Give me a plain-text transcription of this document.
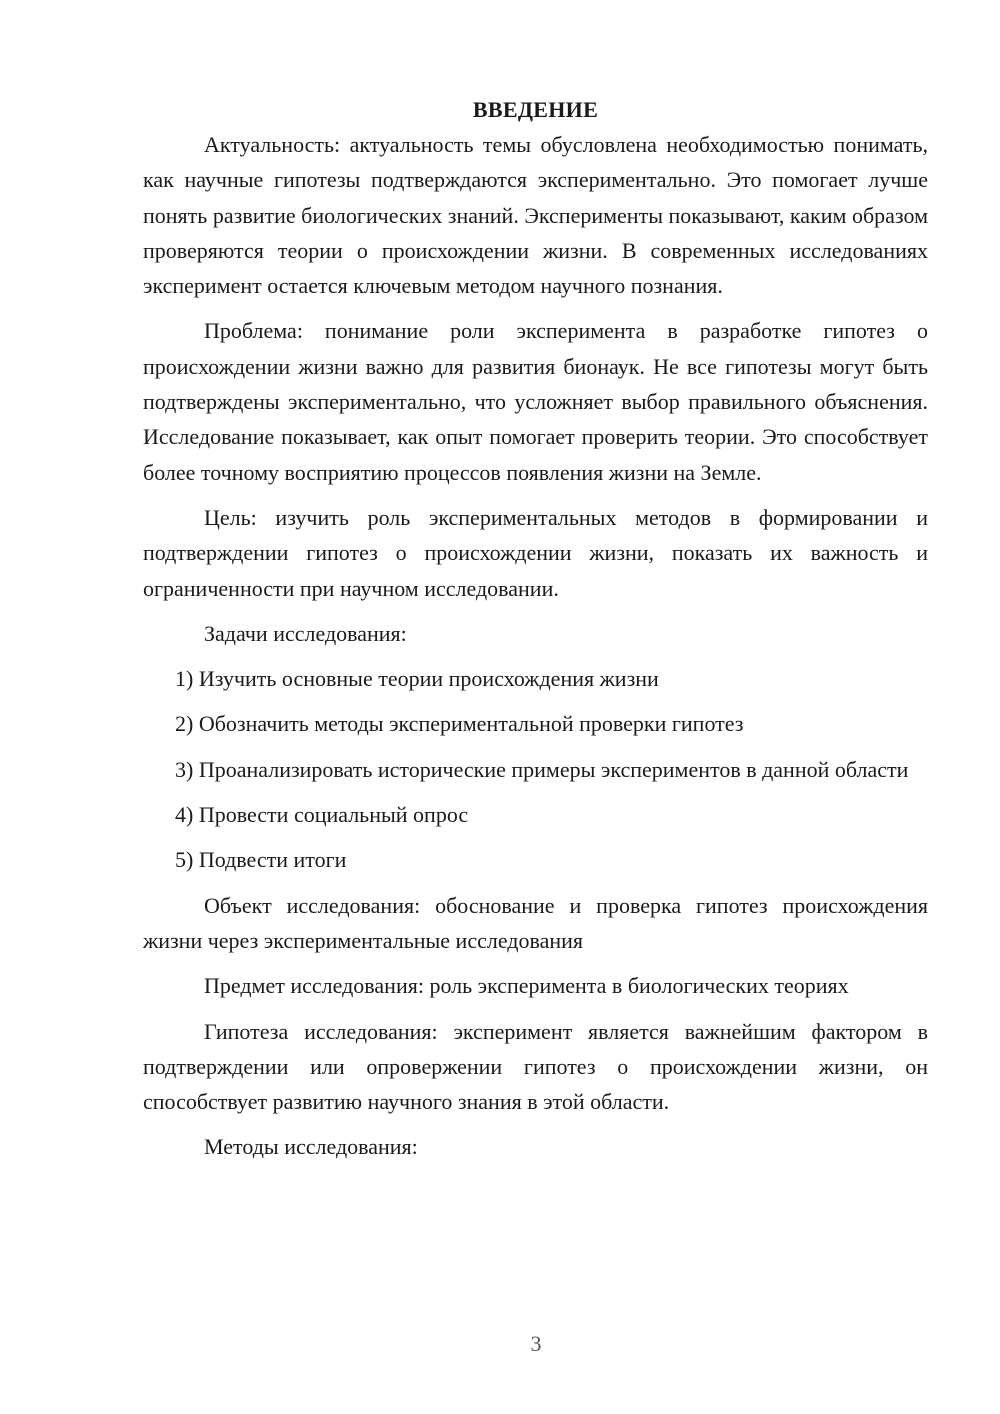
ВВЕДЕНИЕ

Актуальность: актуальность темы обусловлена необходимостью понимать, как научные гипотезы подтверждаются экспериментально. Это помогает лучше понять развитие биологических знаний. Эксперименты показывают, каким образом проверяются теории о происхождении жизни. В современных исследованиях эксперимент остается ключевым методом научного познания.

Проблема: понимание роли эксперимента в разработке гипотез о происхождении жизни важно для развития бионаук. Не все гипотезы могут быть подтверждены экспериментально, что усложняет выбор правильного объяснения. Исследование показывает, как опыт помогает проверить теории. Это способствует более точному восприятию процессов появления жизни на Земле.

Цель: изучить роль экспериментальных методов в формировании и подтверждении гипотез о происхождении жизни, показать их важность и ограниченности при научном исследовании.

Задачи исследования:

1) Изучить основные теории происхождения жизни

2) Обозначить методы экспериментальной проверки гипотез

3) Проанализировать исторические примеры экспериментов в данной области

4) Провести социальный опрос

5) Подвести итоги

Объект исследования: обоснование и проверка гипотез происхождения жизни через экспериментальные исследования

Предмет исследования: роль эксперимента в биологических теориях

Гипотеза исследования: эксперимент является важнейшим фактором в подтверждении или опровержении гипотез о происхождении жизни, он способствует развитию научного знания в этой области.

Методы исследования:

3
